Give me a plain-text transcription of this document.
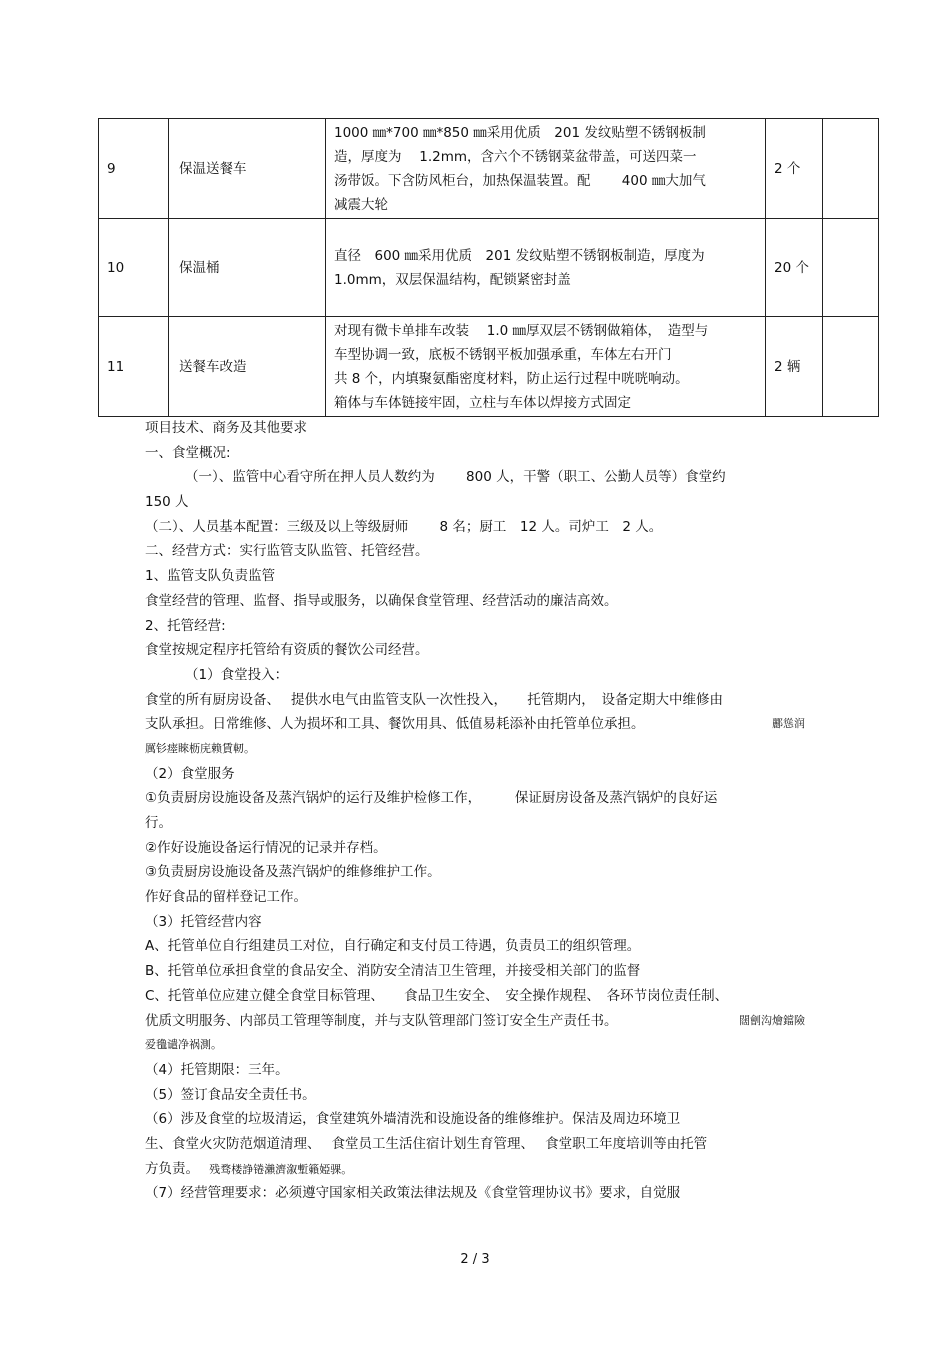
9	保温送餐车	1000 ㎜*700 ㎜*850 ㎜采用优质　201 发纹贴塑不锈钢板制
造，厚度为　 1.2mm，含六个不锈钢菜盆带盖，可送四菜一
汤带饭。下含防风柜台，加热保温装置。配　　 400 ㎜大加气
减震大轮	2 个	
10	保温桶	直径　600 ㎜采用优质　201 发纹贴塑不锈钢板制造，厚度为
1.0mm，双层保温结构，配锁紧密封盖	20 个	
11	送餐车改造	对现有微卡单排车改装　 1.0 ㎜厚双层不锈钢做箱体，　造型与
车型协调一致，底板不锈钢平板加强承重，车体左右开门
共 8 个，内填聚氨酯密度材料，防止运行过程中咣咣响动。
箱体与车体链接牢固，立柱与车体以焊接方式固定	2 辆	
项目技术、商务及其他要求
一、食堂概况:
（一）、监管中心看守所在押人员人数约为　　 800 人，干警（职工、公勤人员等）食堂约
150 人
（二）、人员基本配置：三级及以上等级厨师　　 8 名；厨工　12 人。司炉工　2 人。
二、经营方式：实行监管支队监管、托管经营。
1、监管支队负责监管
食堂经营的管理、监督、指导或服务，以确保食堂管理、经营活动的廉洁高效。
2、托管经营:
食堂按规定程序托管给有资质的餐饮公司经营。
（1）食堂投入：
食堂的所有厨房设备、　 提供水电气由监管支队一次性投入，　　托管期内，　设备定期大中维修由
支队承担。日常维修、人为损坏和工具、餐饮用具、低值易耗添补由托管单位承担。	酈慫润
厲钐瘗睞枥庑赖賃軔。
（2）食堂服务
①负责厨房设施设备及蒸汽锅炉的运行及维护检修工作，　　　保证厨房设备及蒸汽锅炉的良好运
行。
②作好设施设备运行情况的记录并存档。
③负责厨房设施设备及蒸汽锅炉的维修维护工作。
作好食品的留样登记工作。
（3）托管经营内容
A、托管单位自行组建员工对位，自行确定和支付员工待遇，负责员工的组织管理。
B、托管单位承担食堂的食品安全、消防安全清洁卫生管理，并接受相关部门的监督
C、托管单位应建立健全食堂目标管理、　　食品卫生安全、　安全操作规程、　各环节岗位责任制、
优质文明服务、内部员工管理等制度，并与支队管理部门签订安全生产责任书。	闊劊沟燴鐺險
爱氇谴净祸測。
（4）托管期限：三年。
（5）签订食品安全责任书。
（6）涉及食堂的垃圾清运，食堂建筑外墙清洗和设施设备的维修维护。保洁及周边环境卫
生、食堂火灾防范烟道清理、　 食堂员工生活住宿计划生育管理、　 食堂职工年度培训等由托管
方负责。 残骛楼諍锩瀨濟溆塹籟婭骒。
（7）经营管理要求：必须遵守国家相关政策法律法规及《食堂管理协议书》要求，自觉服
2 / 3
